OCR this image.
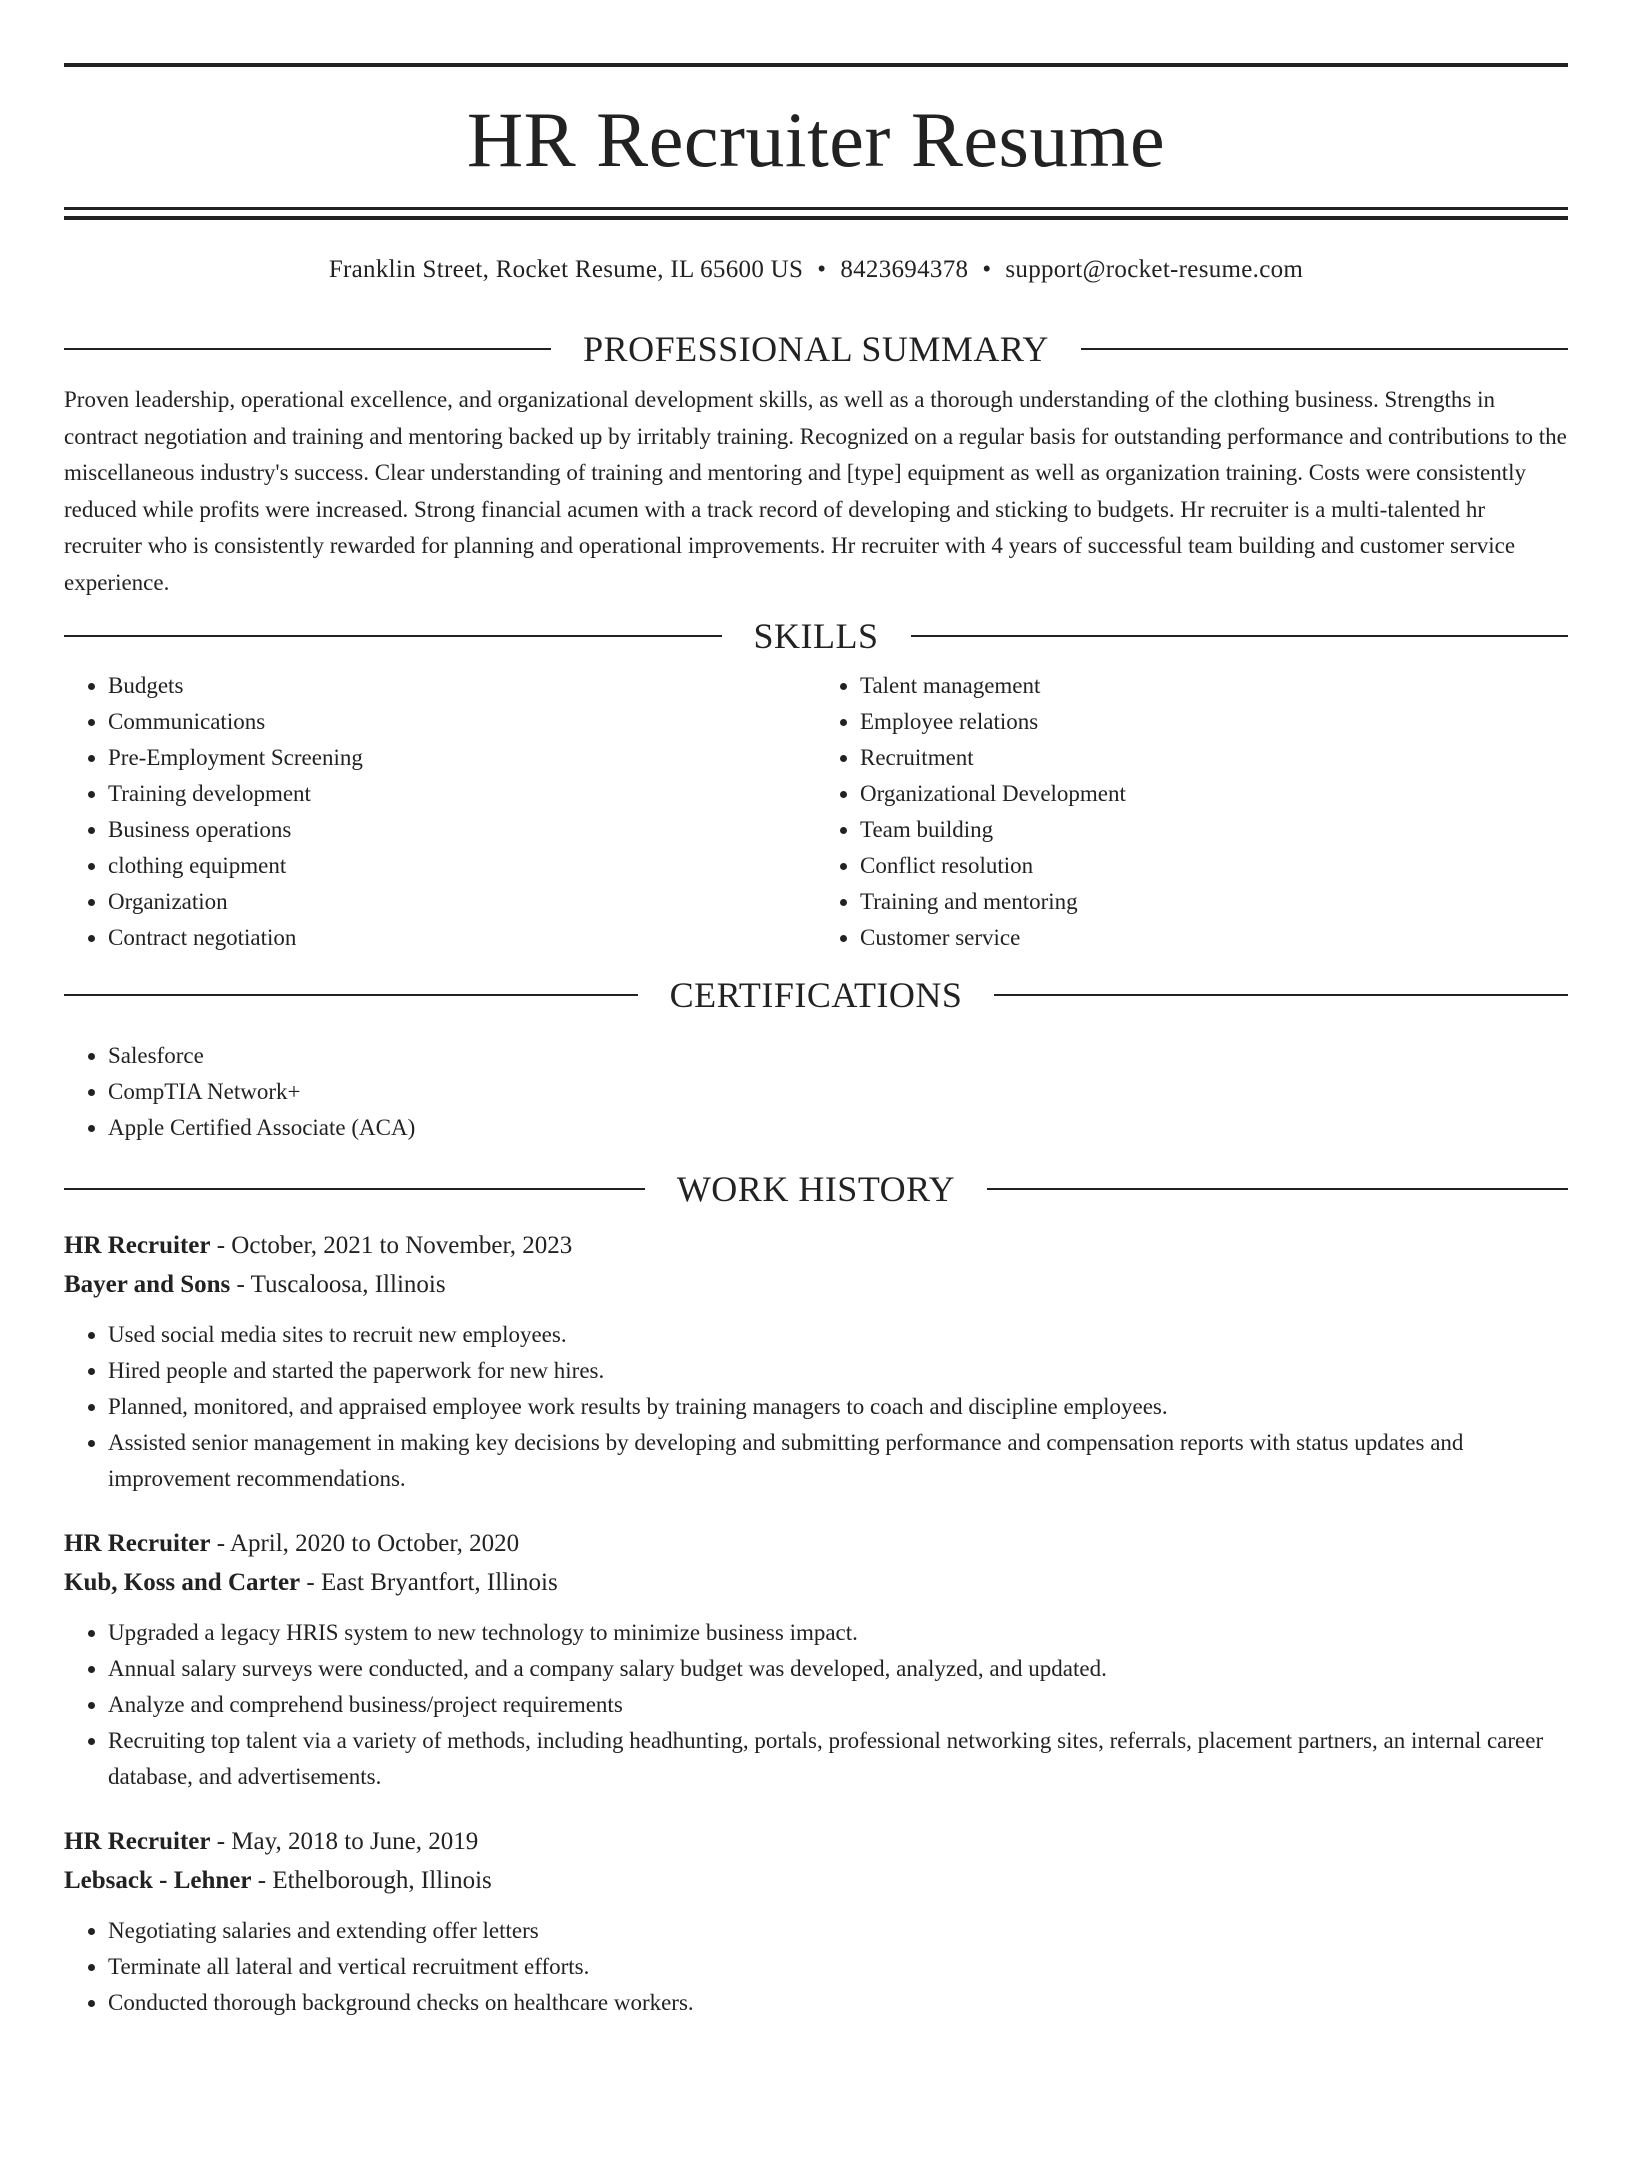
HR Recruiter Resume
Franklin Street, Rocket Resume, IL 65600 US • 8423694378 • support@rocket-resume.com
PROFESSIONAL SUMMARY

Proven leadership, operational excellence, and organizational development skills, as well as a thorough understanding of the clothing business. Strengths in contract negotiation and training and mentoring backed up by irritably training. Recognized on a regular basis for outstanding performance and contributions to the miscellaneous industry's success. Clear understanding of training and mentoring and [type] equipment as well as organization training. Costs were consistently reduced while profits were increased. Strong financial acumen with a track record of developing and sticking to budgets. Hr recruiter is a multi-talented hr recruiter who is consistently rewarded for planning and operational improvements. Hr recruiter with 4 years of successful team building and customer service experience.

SKILLS
• Budgets
• Communications
• Pre-Employment Screening
• Training development
• Business operations
• clothing equipment
• Organization
• Contract negotiation
• Talent management
• Employee relations
• Recruitment
• Organizational Development
• Team building
• Conflict resolution
• Training and mentoring
• Customer service
CERTIFICATIONS
• Salesforce
• CompTIA Network+
• Apple Certified Associate (ACA)
WORK HISTORY
HR Recruiter - October, 2021 to November, 2023
Bayer and Sons - Tuscaloosa, Illinois
• Used social media sites to recruit new employees.
• Hired people and started the paperwork for new hires.
• Planned, monitored, and appraised employee work results by training managers to coach and discipline employees.
• Assisted senior management in making key decisions by developing and submitting performance and compensation reports with status updates and improvement recommendations.
HR Recruiter - April, 2020 to October, 2020
Kub, Koss and Carter - East Bryantfort, Illinois
• Upgraded a legacy HRIS system to new technology to minimize business impact.
• Annual salary surveys were conducted, and a company salary budget was developed, analyzed, and updated.
• Analyze and comprehend business/project requirements
• Recruiting top talent via a variety of methods, including headhunting, portals, professional networking sites, referrals, placement partners, an internal career database, and advertisements.
HR Recruiter - May, 2018 to June, 2019
Lebsack - Lehner - Ethelborough, Illinois
• Negotiating salaries and extending offer letters
• Terminate all lateral and vertical recruitment efforts.
• Conducted thorough background checks on healthcare workers.
